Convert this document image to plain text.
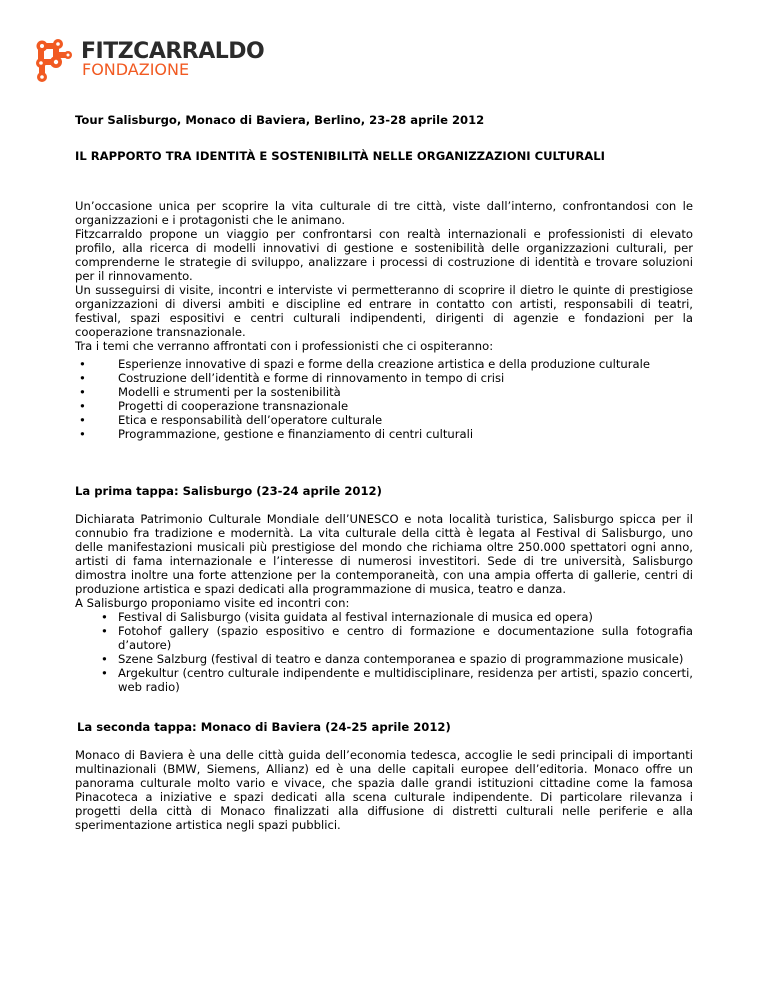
FITZCARRALDO
FONDAZIONE
Tour Salisburgo, Monaco di Baviera, Berlino, 23-28 aprile 2012
IL RAPPORTO TRA IDENTITÀ E SOSTENIBILITÀ NELLE ORGANIZZAZIONI CULTURALI

Un’occasione unica per scoprire la vita culturale di tre città, viste dall’interno, confrontandosi con le organizzazioni e i protagonisti che le animano.

Fitzcarraldo propone un viaggio per confrontarsi con realtà internazionali e professionisti di elevato profilo, alla ricerca di modelli innovativi di gestione e sostenibilità delle organizzazioni culturali, per comprenderne le strategie di sviluppo, analizzare i processi di costruzione di identità e trovare soluzioni per il rinnovamento.

Un susseguirsi di visite, incontri e interviste vi permetteranno di scoprire il dietro le quinte di prestigiose organizzazioni di diversi ambiti e discipline ed entrare in contatto con artisti, responsabili di teatri, festival, spazi espositivi e centri culturali indipendenti, dirigenti di agenzie e fondazioni per la cooperazione transnazionale.

Tra i temi che verranno affrontati con i professionisti che ci ospiteranno:

• Esperienze innovative di spazi e forme della creazione artistica e della produzione culturale
• Costruzione dell’identità e forme di rinnovamento in tempo di crisi
• Modelli e strumenti per la sostenibilità
• Progetti di cooperazione transnazionale
• Etica e responsabilità dell’operatore culturale
• Programmazione, gestione e finanziamento di centri culturali
La prima tappa: Salisburgo (23-24 aprile 2012)

Dichiarata Patrimonio Culturale Mondiale dell’UNESCO e nota località turistica, Salisburgo spicca per il connubio fra tradizione e modernità. La vita culturale della città è legata al Festival di Salisburgo, uno delle manifestazioni musicali più prestigiose del mondo che richiama oltre 250.000 spettatori ogni anno, artisti di fama internazionale e l’interesse di numerosi investitori. Sede di tre università, Salisburgo dimostra inoltre una forte attenzione per la contemporaneità, con una ampia offerta di gallerie, centri di produzione artistica e spazi dedicati alla programmazione di musica, teatro e danza.

A Salisburgo proponiamo visite ed incontri con:

• Festival di Salisburgo (visita guidata al festival internazionale di musica ed opera)
• Fotohof gallery (spazio espositivo e centro di formazione e documentazione sulla fotografia d’autore)
• Szene Salzburg (festival di teatro e danza contemporanea e spazio di programmazione musicale)
• Argekultur (centro culturale indipendente e multidisciplinare, residenza per artisti, spazio concerti, web radio)
La seconda tappa: Monaco di Baviera (24-25 aprile 2012)

Monaco di Baviera è una delle città guida dell’economia tedesca, accoglie le sedi principali di importanti multinazionali (BMW, Siemens, Allianz) ed è una delle capitali europee dell’editoria. Monaco offre un panorama culturale molto vario e vivace, che spazia dalle grandi istituzioni cittadine come la famosa Pinacoteca a iniziative e spazi dedicati alla scena culturale indipendente. Di particolare rilevanza i progetti della città di Monaco finalizzati alla diffusione di distretti culturali nelle periferie e alla sperimentazione artistica negli spazi pubblici.
